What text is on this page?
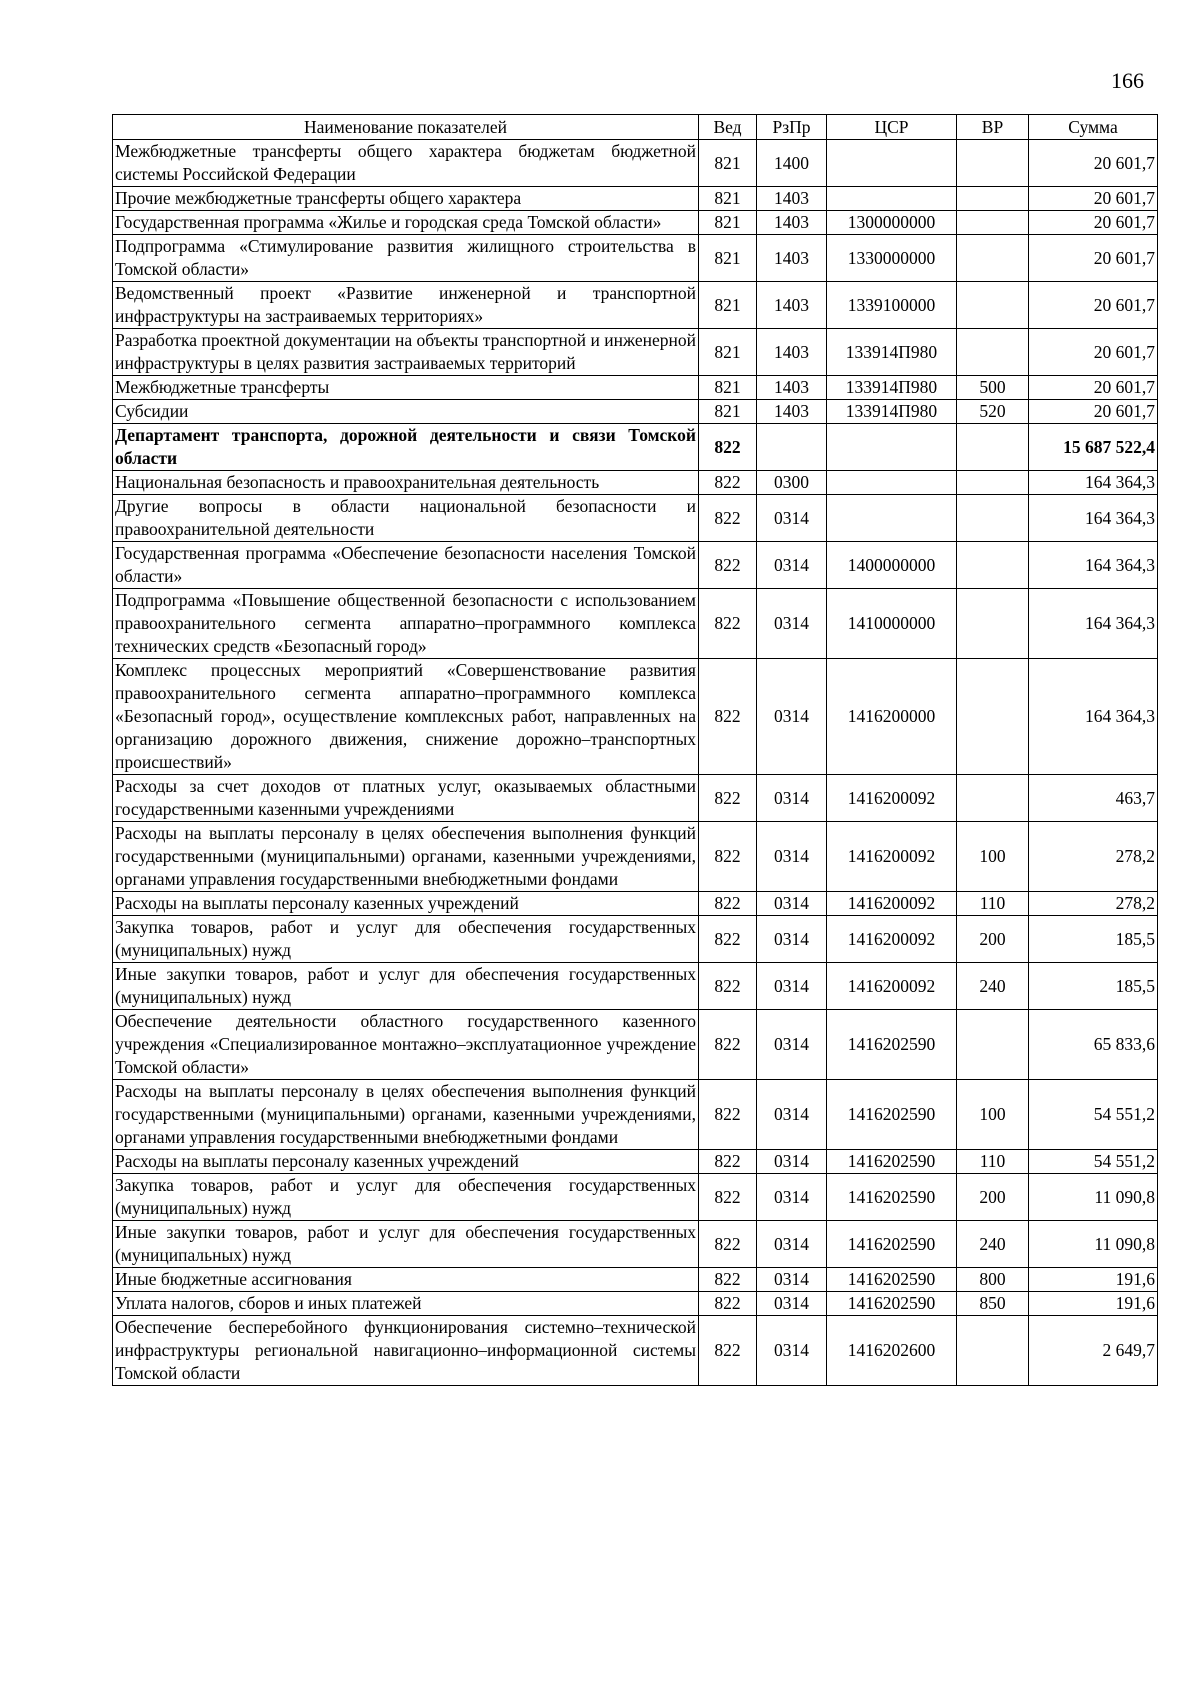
166
Наименование показателей	Вед	РзПр	ЦСР	ВР	Сумма
Межбюджетные трансферты общего характера бюджетам бюджетной системы Российской Федерации	821	1400			20 601,7
Прочие межбюджетные трансферты общего характера	821	1403			20 601,7
Государственная программа «Жилье и городская среда Томской области»	821	1403	1300000000		20 601,7
Подпрограмма «Стимулирование развития жилищного строительства в Томской области»	821	1403	1330000000		20 601,7
Ведомственный проект «Развитие инженерной и транспортной инфраструктуры на застраиваемых территориях»	821	1403	1339100000		20 601,7
Разработка проектной документации на объекты транспортной и инженерной инфраструктуры в целях развития застраиваемых территорий	821	1403	133914П980		20 601,7
Межбюджетные трансферты	821	1403	133914П980	500	20 601,7
Субсидии	821	1403	133914П980	520	20 601,7
Департамент транспорта, дорожной деятельности и связи Томской области	822				15 687 522,4
Национальная безопасность и правоохранительная деятельность	822	0300			164 364,3
Другие вопросы в области национальной безопасности и правоохранительной деятельности	822	0314			164 364,3
Государственная программа «Обеспечение безопасности населения Томской области»	822	0314	1400000000		164 364,3
Подпрограмма «Повышение общественной безопасности с использованием правоохранительного сегмента аппаратно–программного комплекса технических средств «Безопасный город»	822	0314	1410000000		164 364,3
Комплекс процессных мероприятий «Совершенствование развития правоохранительного сегмента аппаратно–программного комплекса «Безопасный город», осуществление комплексных работ, направленных на организацию дорожного движения, снижение дорожно–транспортных происшествий»	822	0314	1416200000		164 364,3
Расходы за счет доходов от платных услуг, оказываемых областными государственными казенными учреждениями	822	0314	1416200092		463,7
Расходы на выплаты персоналу в целях обеспечения выполнения функций государственными (муниципальными) органами, казенными учреждениями, органами управления государственными внебюджетными фондами	822	0314	1416200092	100	278,2
Расходы на выплаты персоналу казенных учреждений	822	0314	1416200092	110	278,2
Закупка товаров, работ и услуг для обеспечения государственных (муниципальных) нужд	822	0314	1416200092	200	185,5
Иные закупки товаров, работ и услуг для обеспечения государственных (муниципальных) нужд	822	0314	1416200092	240	185,5
Обеспечение деятельности областного государственного казенного учреждения «Специализированное монтажно–эксплуатационное учреждение Томской области»	822	0314	1416202590		65 833,6
Расходы на выплаты персоналу в целях обеспечения выполнения функций государственными (муниципальными) органами, казенными учреждениями, органами управления государственными внебюджетными фондами	822	0314	1416202590	100	54 551,2
Расходы на выплаты персоналу казенных учреждений	822	0314	1416202590	110	54 551,2
Закупка товаров, работ и услуг для обеспечения государственных (муниципальных) нужд	822	0314	1416202590	200	11 090,8
Иные закупки товаров, работ и услуг для обеспечения государственных (муниципальных) нужд	822	0314	1416202590	240	11 090,8
Иные бюджетные ассигнования	822	0314	1416202590	800	191,6
Уплата налогов, сборов и иных платежей	822	0314	1416202590	850	191,6
Обеспечение бесперебойного функционирования системно–технической инфраструктуры региональной навигационно–информационной системы Томской области	822	0314	1416202600		2 649,7
